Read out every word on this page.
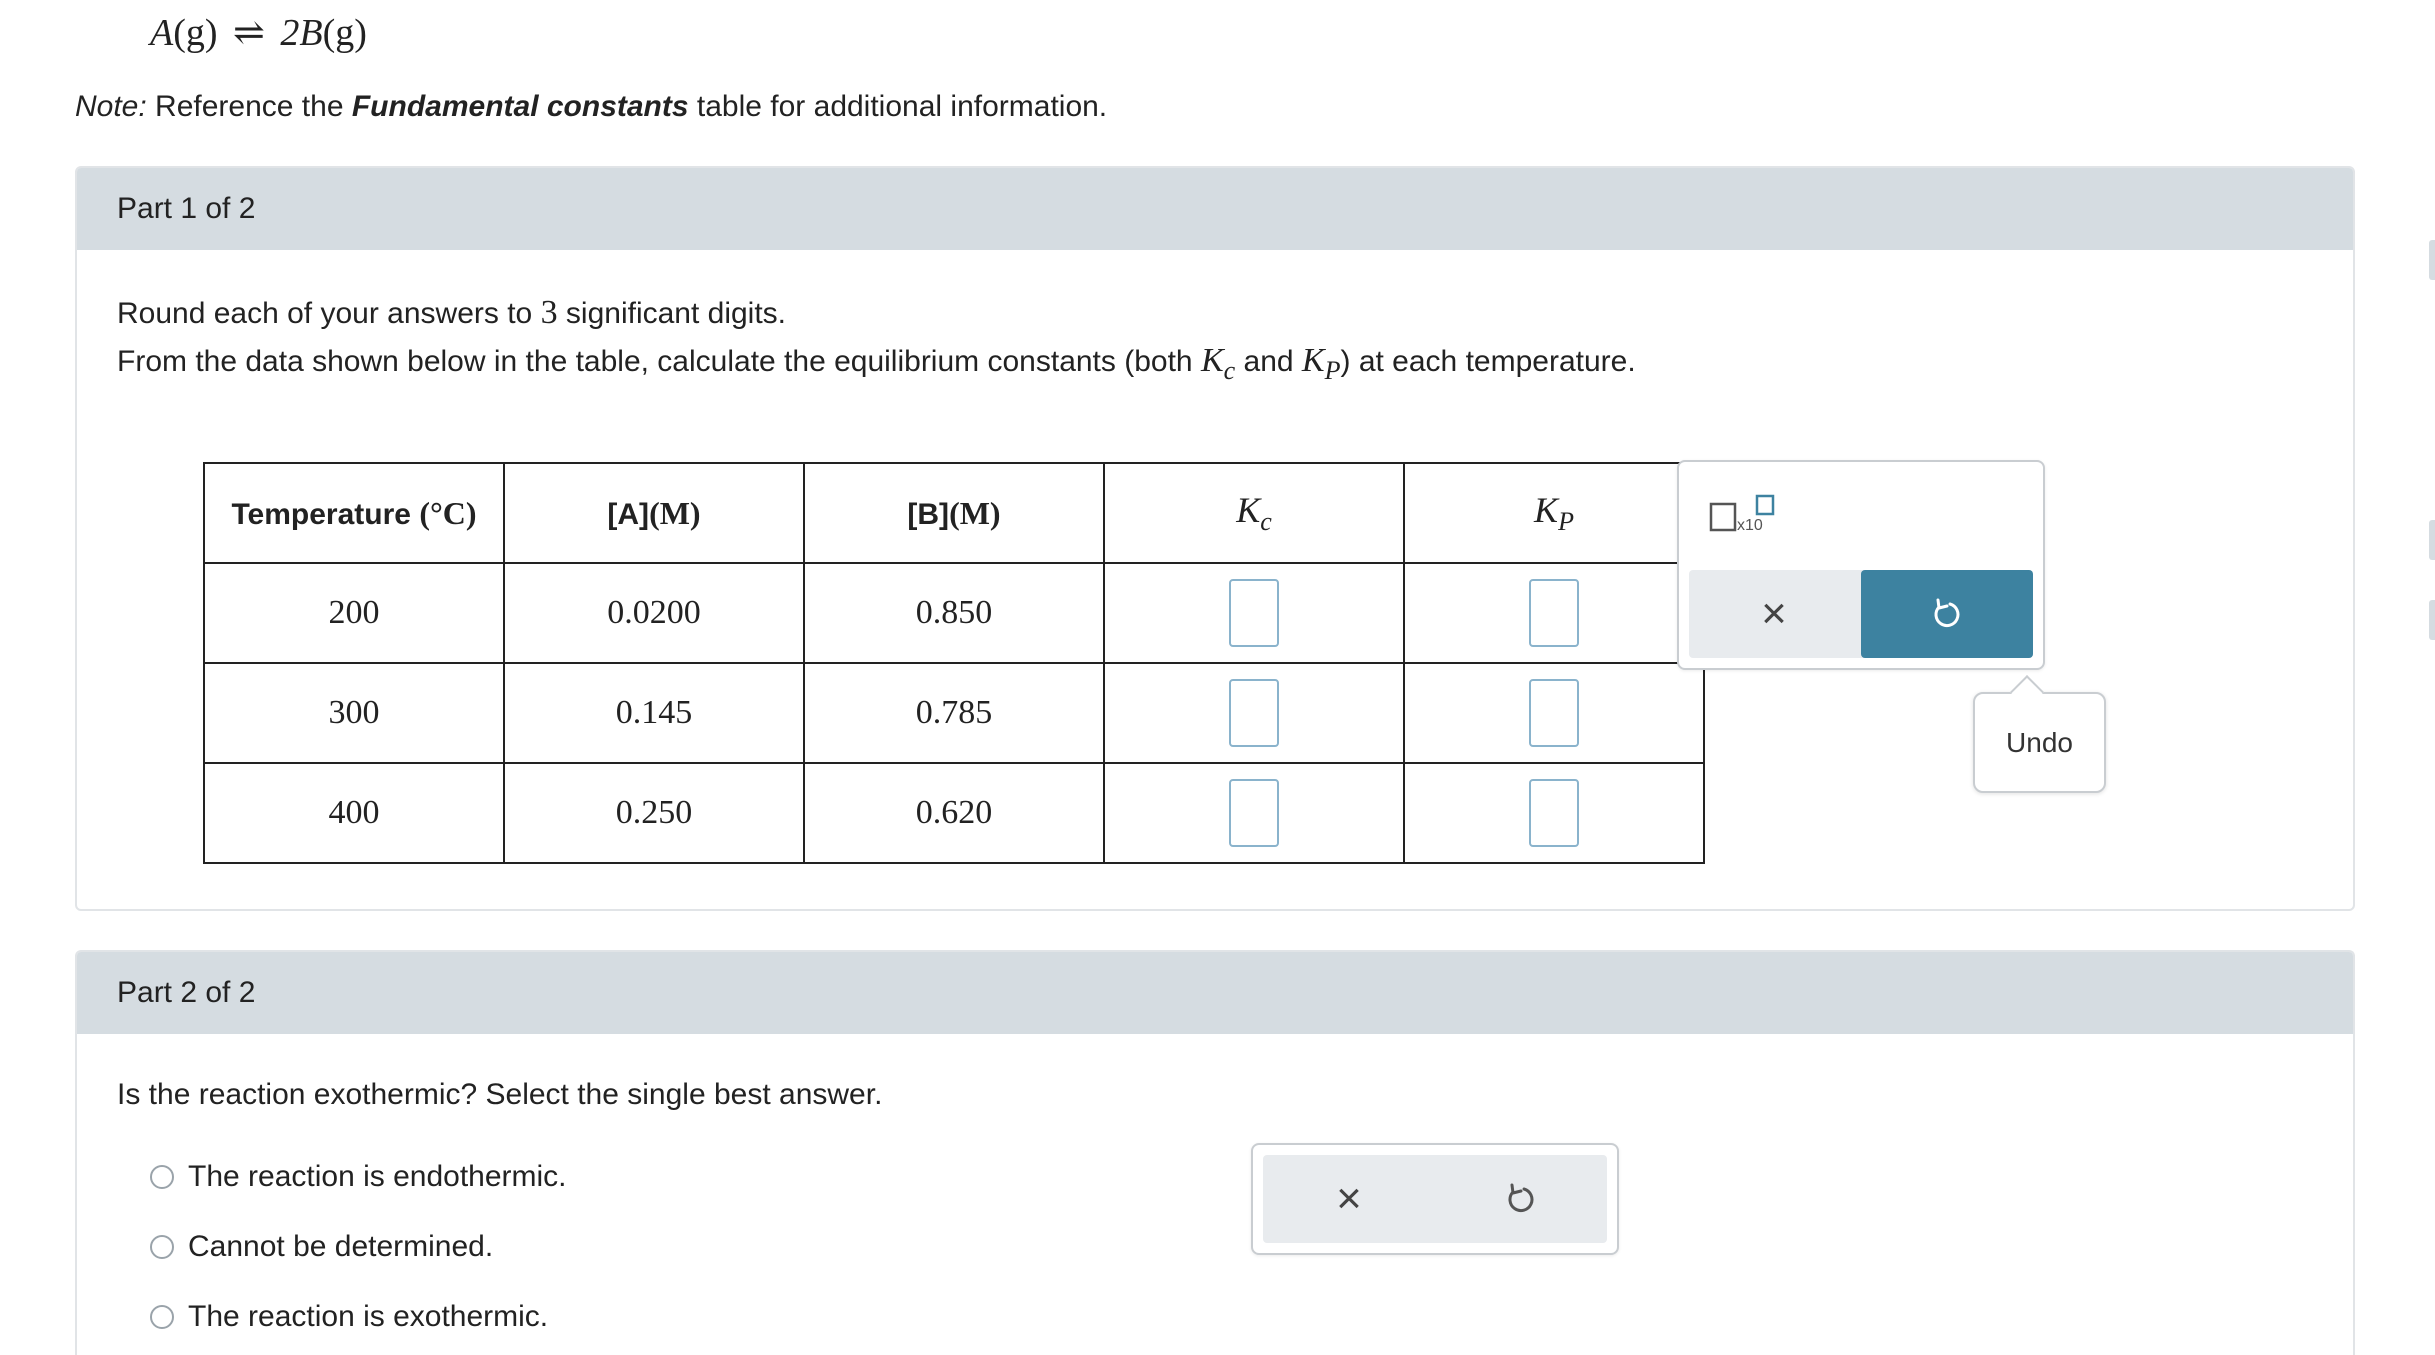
A(g) ⇌ 2B(g)
Note: Reference the Fundamental constants table for additional information.
Part 1 of 2
Round each of your answers to 3 significant digits.
From the data shown below in the table, calculate the equilibrium constants (both $K_c$ and $K_P$) at each temperature.
Temperature (°C)	[A](M)	[B](M)	$K_c$	$K_P$
200	0.0200	0.850		
300	0.145	0.785		
400	0.250	0.620		
x10
×
Undo
Part 2 of 2
Is the reaction exothermic? Select the single best answer.
The reaction is endothermic.
Cannot be determined.
The reaction is exothermic.
×
